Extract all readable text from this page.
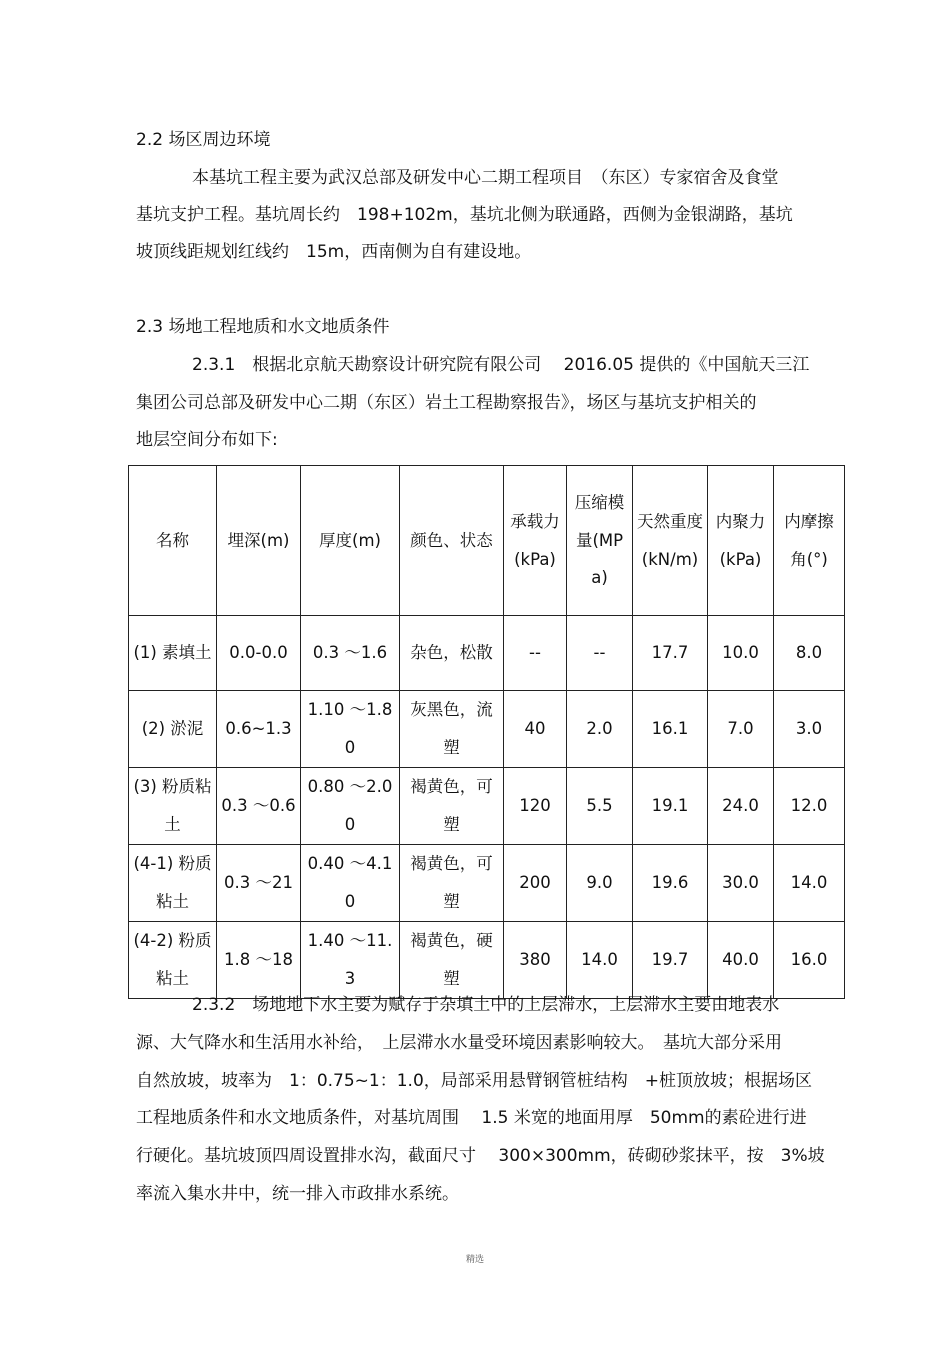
2.2 场区周边环境
本基坑工程主要为武汉总部及研发中心二期工程项目　（东区）专家宿舍及食堂
基坑支护工程。基坑周长约　198+102m，基坑北侧为联通路，西侧为金银湖路，基坑
坡顶线距规划红线约　15m，西南侧为自有建设地。
2.3 场地工程地质和水文地质条件
2.3.1　根据北京航天勘察设计研究院有限公司　 2016.05 提供的《中国航天三江
集团公司总部及研发中心二期（东区）岩土工程勘察报告》，场区与基坑支护相关的
地层空间分布如下:
名称	埋深(m)	厚度(m)	颜色、状态	承载力(kPa)	压缩模量(MPa)	天然重度(kN/m)	内聚力(kPa)	内摩擦角(°)
(1) 素填土	0.0-0.0	0.3 ～1.6	杂色，松散	--	--	17.7	10.0	8.0
(2) 淤泥	0.6~1.3	1.10 ～1.80	灰黑色，流塑	40	2.0	16.1	7.0	3.0
(3) 粉质粘土	0.3 ～0.6	0.80 ～2.00	褐黄色，可塑	120	5.5	19.1	24.0	12.0
(4-1) 粉质粘土	0.3 ～21	0.40 ～4.10	褐黄色，可塑	200	9.0	19.6	30.0	14.0
(4-2) 粉质粘土	1.8 ～18	1.40 ～11.3	褐黄色，硬塑	380	14.0	19.7	40.0	16.0
2.3.2　场地地下水主要为赋存于杂填土中的上层滞水，上层滞水主要由地表水
源、大气降水和生活用水补给，　上层滞水水量受环境因素影响较大。　基坑大部分采用
自然放坡，坡率为　1：0.75~1：1.0，局部采用悬臂钢管桩结构　+桩顶放坡；根据场区
工程地质条件和水文地质条件，对基坑周围　 1.5 米宽的地面用厚　50mm的素砼进行进
行硬化。基坑坡顶四周设置排水沟，截面尺寸　 300×300mm，砖砌砂浆抹平，按　3%坡
率流入集水井中，统一排入市政排水系统。
精选
